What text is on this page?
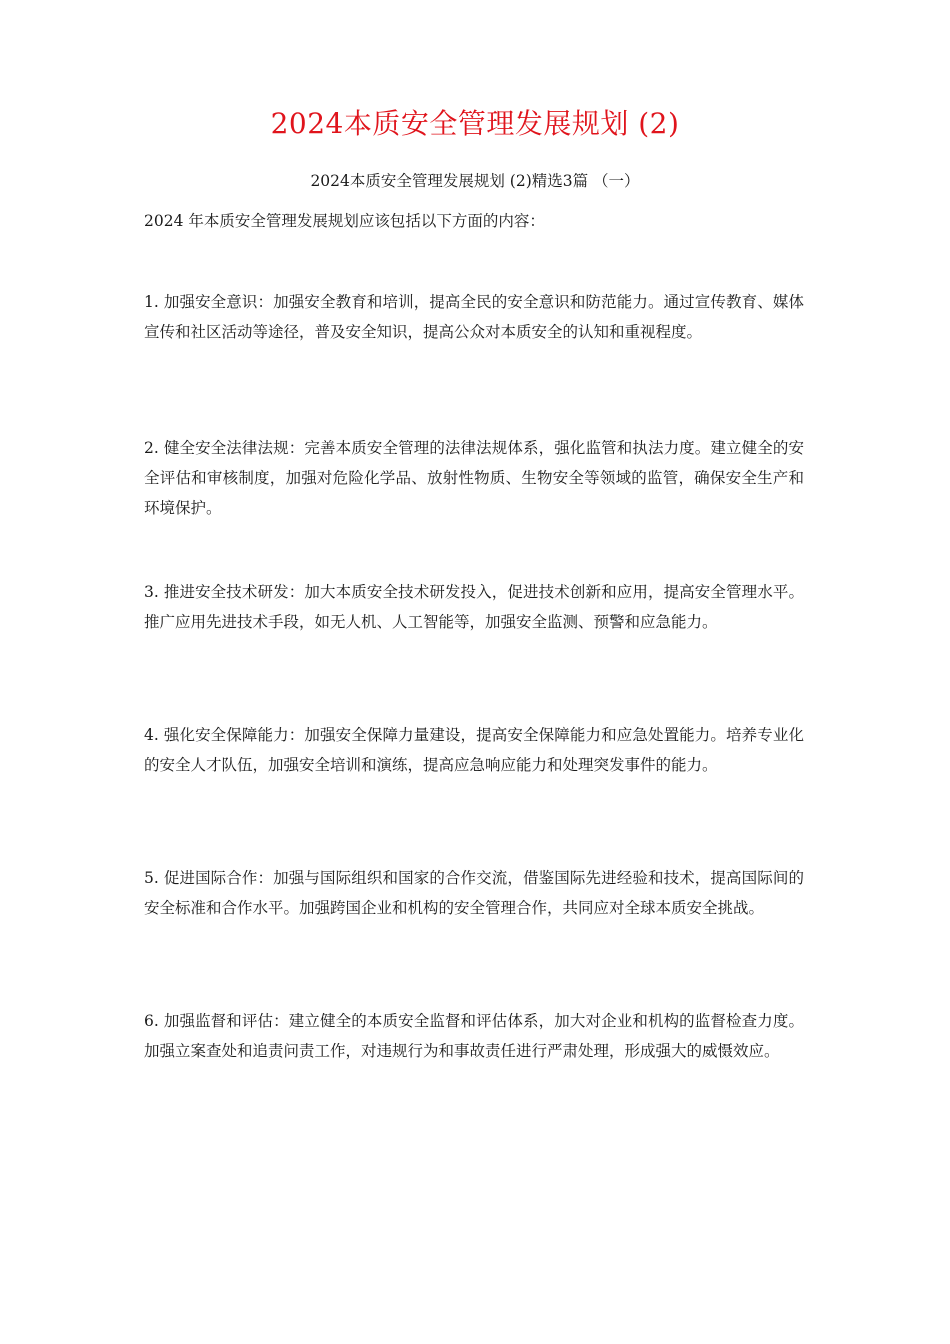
2024本质安全管理发展规划 (2)
2024本质安全管理发展规划 (2)精选3篇 （一）
2024 年本质安全管理发展规划应该包括以下方面的内容：
1. 加强安全意识：加强安全教育和培训，提高全民的安全意识和防范能力。通过宣传教育、媒体宣传和社区活动等途径，普及安全知识，提高公众对本质安全的认知和重视程度。
2. 健全安全法律法规：完善本质安全管理的法律法规体系，强化监管和执法力度。建立健全的安全评估和审核制度，加强对危险化学品、放射性物质、生物安全等领域的监管，确保安全生产和环境保护。
3. 推进安全技术研发：加大本质安全技术研发投入，促进技术创新和应用，提高安全管理水平。推广应用先进技术手段，如无人机、人工智能等，加强安全监测、预警和应急能力。
4. 强化安全保障能力：加强安全保障力量建设，提高安全保障能力和应急处置能力。培养专业化的安全人才队伍，加强安全培训和演练，提高应急响应能力和处理突发事件的能力。
5. 促进国际合作：加强与国际组织和国家的合作交流，借鉴国际先进经验和技术，提高国际间的安全标准和合作水平。加强跨国企业和机构的安全管理合作，共同应对全球本质安全挑战。
6. 加强监督和评估：建立健全的本质安全监督和评估体系，加大对企业和机构的监督检查力度。加强立案查处和追责问责工作，对违规行为和事故责任进行严肃处理，形成强大的威慑效应。
